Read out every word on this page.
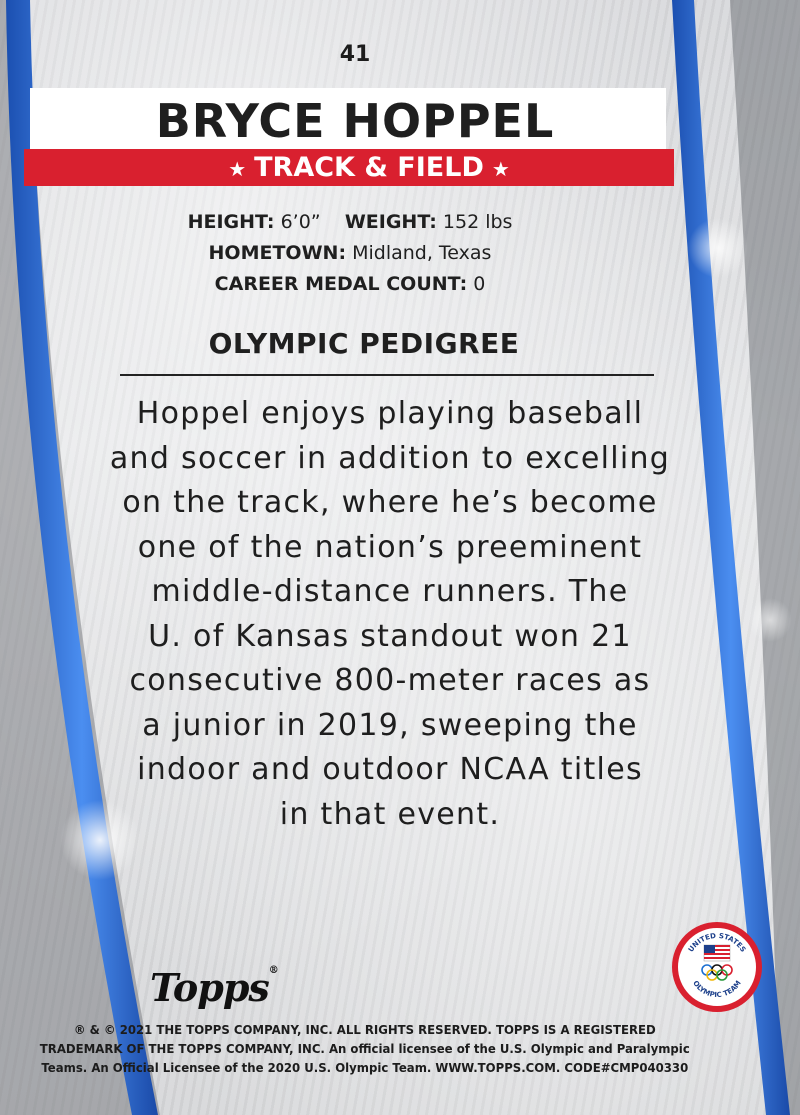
41
BRYCE HOPPEL
★ TRACK & FIELD ★
HEIGHT: 6’0” WEIGHT: 152 lbs
HOMETOWN: Midland, Texas
CAREER MEDAL COUNT: 0
OLYMPIC PEDIGREE
Hoppel enjoys playing baseball
and soccer in addition to excelling
on the track, where he’s become
one of the nation’s preeminent
middle-distance runners. The
U. of Kansas standout won 21
consecutive 800-meter races as
a junior in 2019, sweeping the
indoor and outdoor NCAA titles
in that event.
Topps®
UNITED STATES
OLYMPIC TEAM
® & © 2021 THE TOPPS COMPANY, INC. ALL RIGHTS RESERVED. TOPPS IS A REGISTERED
TRADEMARK OF THE TOPPS COMPANY, INC. An official licensee of the U.S. Olympic and Paralympic
Teams. An Official Licensee of the 2020 U.S. Olympic Team. WWW.TOPPS.COM. CODE#CMP040330
